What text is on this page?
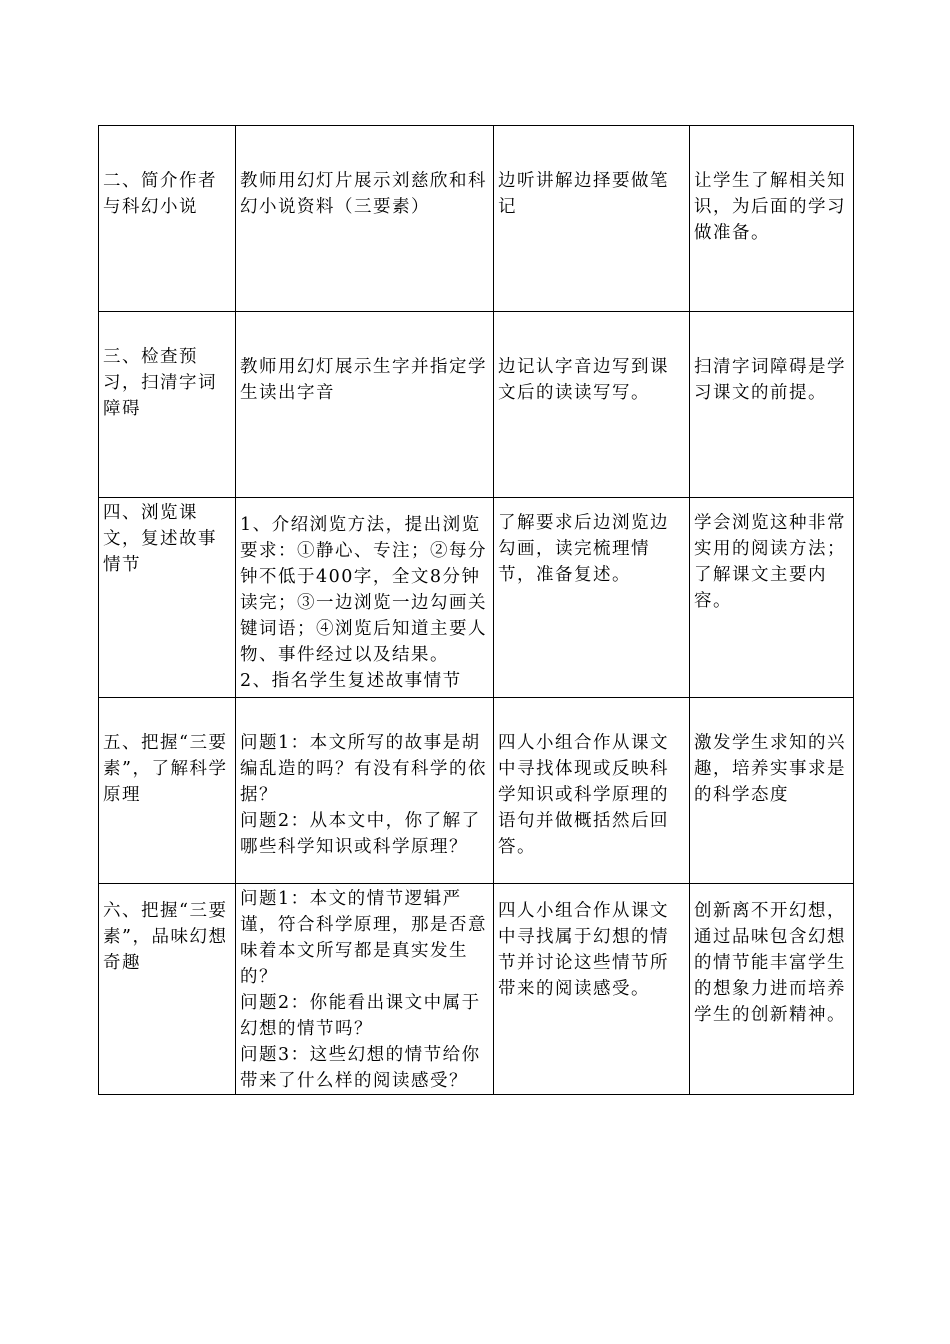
二、简介作者与科幻小说	教师用幻灯片展示刘慈欣和科幻小说资料（三要素）	边听讲解边择要做笔记	让学生了解相关知识，为后面的学习做准备。

三、检查预习，扫清字词障碍	教师用幻灯展示生字并指定学生读出字音	边记认字音边写到课文后的读读写写。	扫清字词障碍是学习课文的前提。

四、浏览课文，复述故事情节	1、介绍浏览方法，提出浏览要求：①静心、专注；②每分钟不低于400字，全文8分钟读完；③一边浏览一边勾画关键词语；④浏览后知道主要人物、事件经过以及结果。
2、指名学生复述故事情节	了解要求后边浏览边勾画，读完梳理情节，准备复述。	学会浏览这种非常实用的阅读方法；了解课文主要内容。

五、把握“三要素”，了解科学原理	问题1：本文所写的故事是胡编乱造的吗？有没有科学的依据？
问题2：从本文中，你了解了哪些科学知识或科学原理？	四人小组合作从课文中寻找体现或反映科学知识或科学原理的语句并做概括然后回答。	激发学生求知的兴趣，培养实事求是的科学态度

六、把握“三要素”，品味幻想奇趣	问题1：本文的情节逻辑严谨，符合科学原理，那是否意味着本文所写都是真实发生的？
问题2：你能看出课文中属于幻想的情节吗？
问题3：这些幻想的情节给你带来了什么样的阅读感受？	四人小组合作从课文中寻找属于幻想的情节并讨论这些情节所带来的阅读感受。	创新离不开幻想，通过品味包含幻想的情节能丰富学生的想象力进而培养学生的创新精神。
